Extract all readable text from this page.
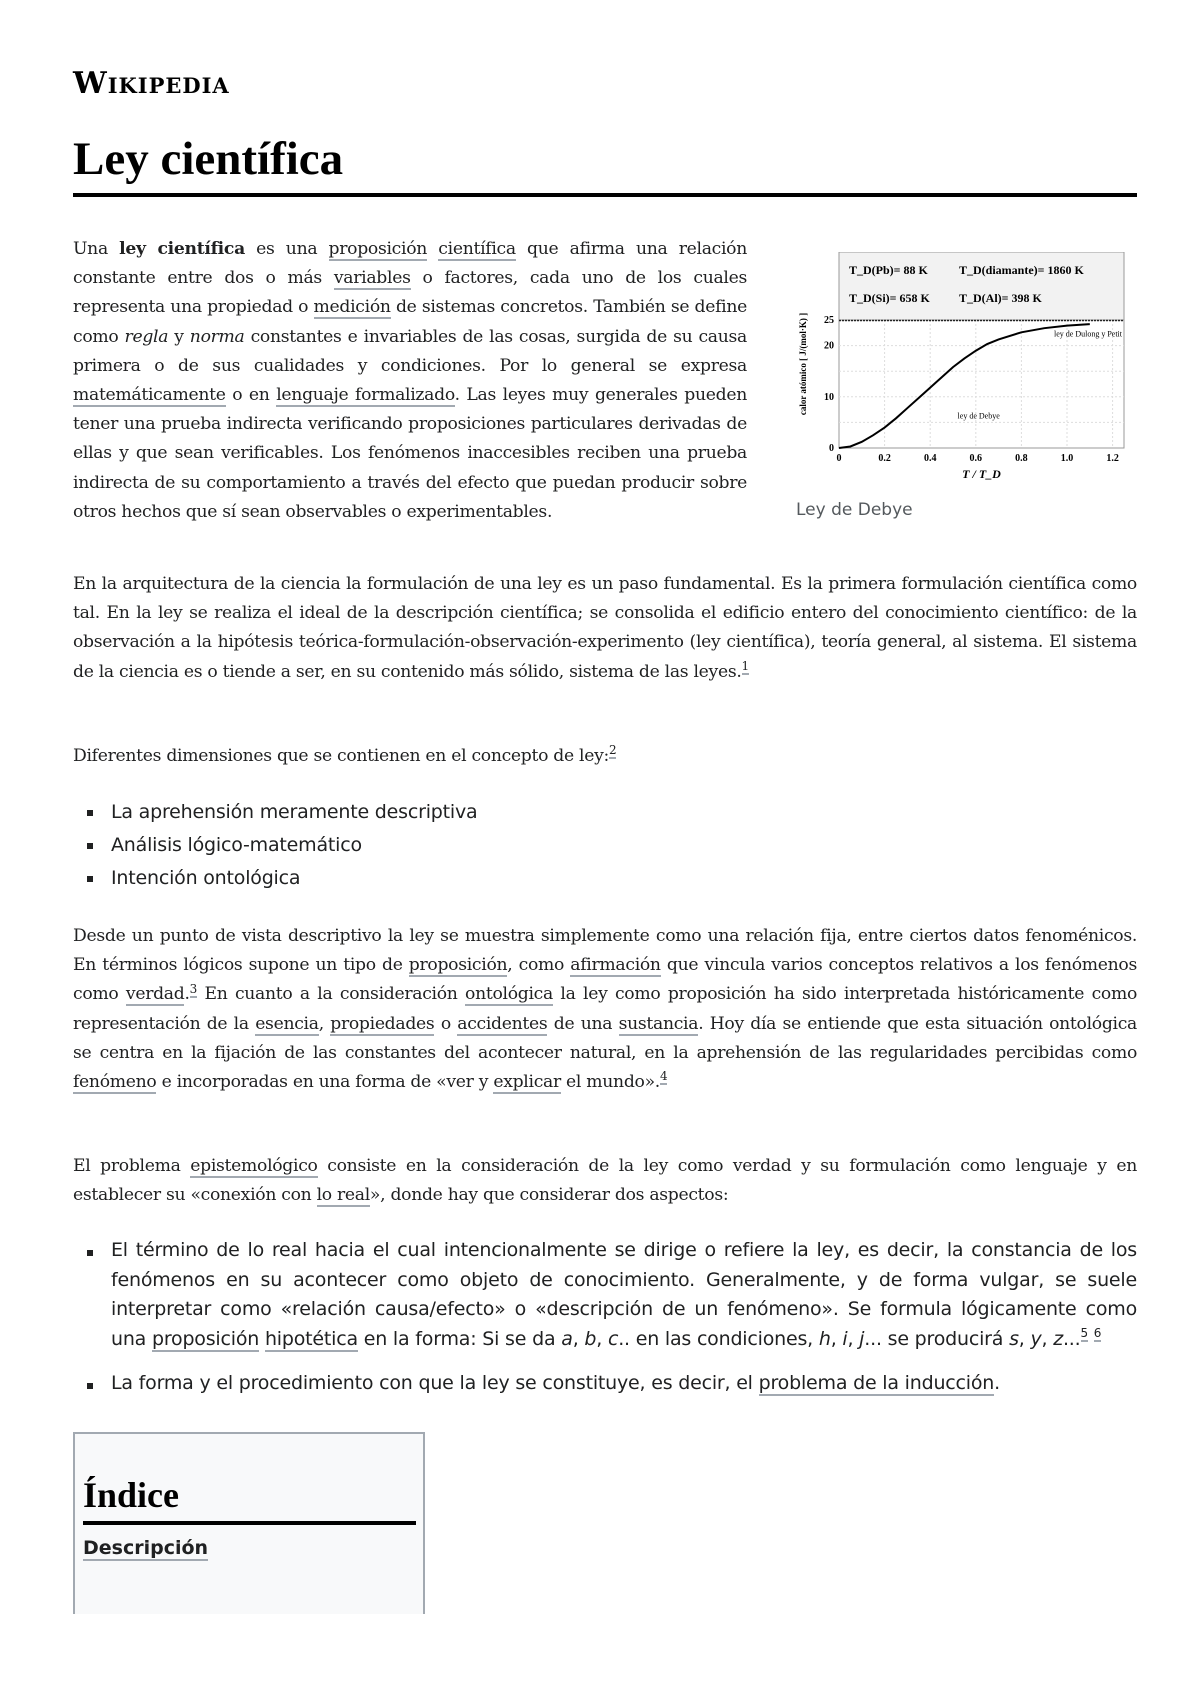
Wikipedia
Ley científica

Una ley científica es una proposición científica que afirma una relación constante entre dos o más variables o factores, cada uno de los cuales representa una propiedad o medición de sistemas concretos. También se define como regla y norma constantes e invariables de las cosas, surgida de su causa primera o de sus cualidades y condiciones. Por lo general se expresa matemáticamente o en lenguaje formalizado. Las leyes muy generales pueden tener una prueba indirecta verificando proposiciones particulares derivadas de ellas y que sean verificables. Los fenómenos inaccesibles reciben una prueba indirecta de su comportamiento a través del efecto que puedan producir sobre otros hechos que sí sean observables o experimentables.

0	0.2	0.4	0.6	0.8	1.0	1.2
0
10
20
25
T / T_D
calor atómico [ J/(mol·K) ]	ley de Dulong y Petit
ley de Debye
T_D(Pb)= 88 K	T_D(diamante)= 1860 K
T_D(Si)= 658 K T_D(Al)= 398 K
Ley de Debye

En la arquitectura de la ciencia la formulación de una ley es un paso fundamental. Es la primera formulación científica como tal. En la ley se realiza el ideal de la descripción científica; se consolida el edificio entero del conocimiento científico: de la observación a la hipótesis teórica-formulación-observación-experimento (ley científica), teoría general, al sistema. El sistema de la ciencia es o tiende a ser, en su contenido más sólido, sistema de las leyes.$^1$

Diferentes dimensiones que se contienen en el concepto de ley:$^2$

La aprehensión meramente descriptiva
Análisis lógico-matemático
Intención ontológica

Desde un punto de vista descriptivo la ley se muestra simplemente como una relación fija, entre ciertos datos fenoménicos. En términos lógicos supone un tipo de proposición, como afirmación que vincula varios conceptos relativos a los fenómenos como verdad.$^3$ En cuanto a la consideración ontológica la ley como proposición ha sido interpretada históricamente como representación de la esencia, propiedades o accidentes de una sustancia. Hoy día se entiende que esta situación ontológica se centra en la fijación de las constantes del acontecer natural, en la aprehensión de las regularidades percibidas como fenómeno e incorporadas en una forma de «ver y explicar el mundo».$^4$

El problema epistemológico consiste en la consideración de la ley como verdad y su formulación como lenguaje y en establecer su «conexión con lo real», donde hay que considerar dos aspectos:

El término de lo real hacia el cual intencionalmente se dirige o refiere la ley, es decir, la constancia de los fenómenos en su acontecer como objeto de conocimiento. Generalmente, y de forma vulgar, se suele interpretar como «relación causa/efecto» o «descripción de un fenómeno». Se formula lógicamente como una proposición hipotética en la forma: Si se da a, b, c.. en las condiciones, h, i, j... se producirá s, y, z...$^5$ $^6$
La forma y el procedimiento con que la ley se constituye, es decir, el problema de la inducción.
Índice
Descripción
